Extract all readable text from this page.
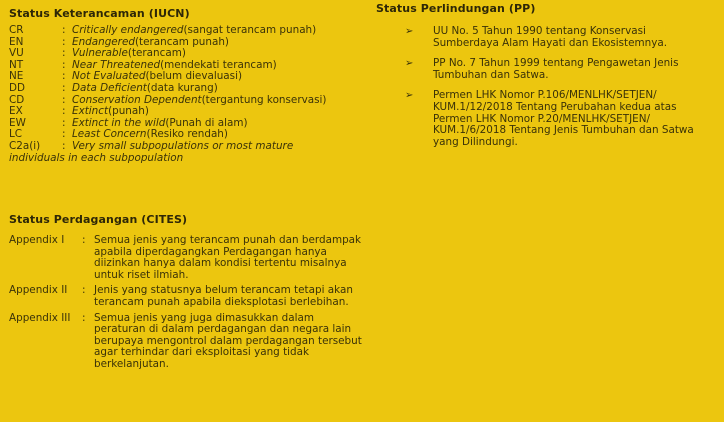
Status Keterancaman (IUCN)
CR	: Critically endangered (sangat terancam punah)
EN	: Endangered (terancam punah)
VU	: Vulnerable (terancam)
NT	: Near Threatened (mendekati terancam)
NE	: Not Evaluated (belum dievaluasi)
DD	: Data Deficient (data kurang)
CD	: Conservation Dependent (tergantung konservasi)
EX	: Extinct (punah)
EW	: Extinct in the wild (Punah di alam)
LC	: Least Concern (Resiko rendah)
C2a(i)	: Very small subpopulations or most mature
individuals in each subpopulation
Status Perdagangan (CITES)
Appendix I	: Semua jenis yang terancam punah dan berdampak apabila diperdagangkan Perdagangan hanya diizinkan hanya dalam kondisi tertentu misalnya untuk riset ilmiah.
Appendix II	: Jenis yang statusnya belum terancam tetapi akan terancam punah apabila dieksplotasi berlebihan.
Appendix III	: Semua jenis yang juga dimasukkan dalam peraturan di dalam perdagangan dan negara lain berupaya mengontrol dalam perdagangan tersebut agar terhindar dari eksploitasi yang tidak berkelanjutan.
Status Perlindungan (PP)
➢	UU No. 5 Tahun 1990 tentang Konservasi Sumberdaya Alam Hayati dan Ekosistemnya.
➢	PP No. 7 Tahun 1999 tentang Pengawetan Jenis Tumbuhan dan Satwa.
➢	Permen LHK Nomor P.106/MENLHK/SETJEN/ KUM.1/12/2018 Tentang Perubahan kedua atas Permen LHK Nomor P.20/MENLHK/SETJEN/ KUM.1/6/2018 Tentang Jenis Tumbuhan dan Satwa yang Dilindungi.
